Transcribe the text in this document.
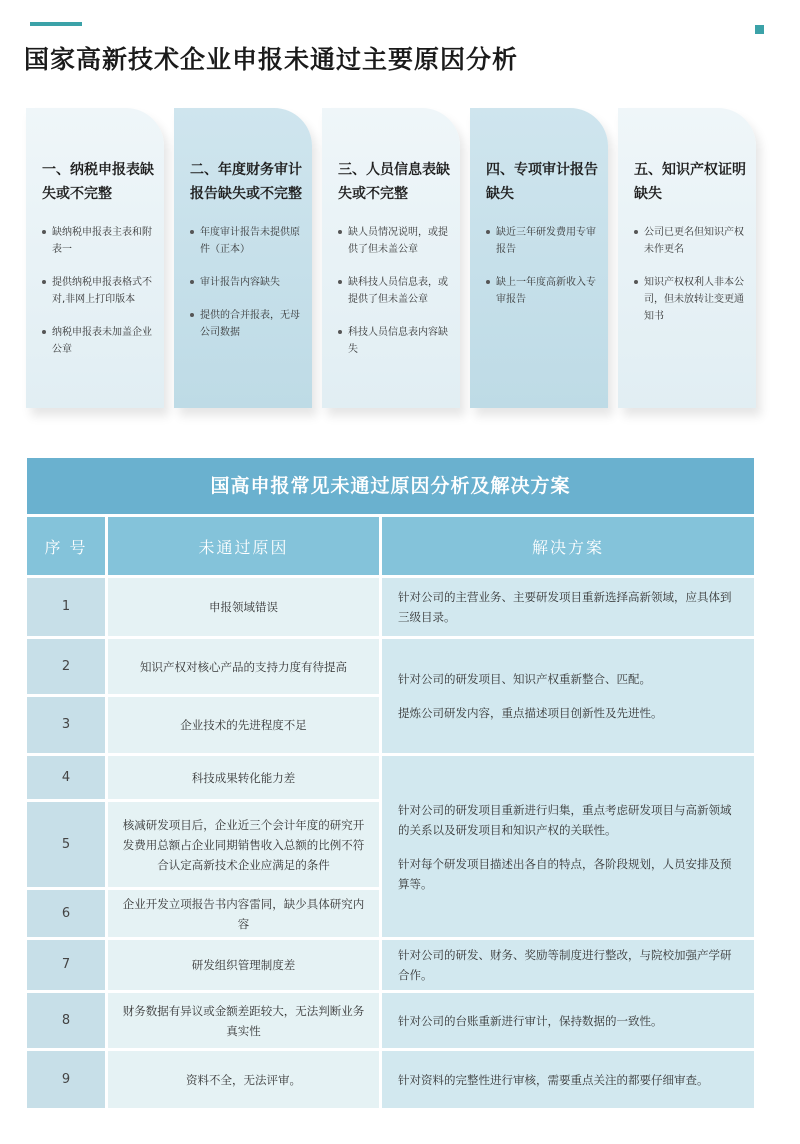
国家高新技术企业申报未通过主要原因分析
一、纳税申报表缺失或不完整
缺纳税申报表主表和附表一
提供纳税申报表格式不对,非网上打印版本
纳税申报表未加盖企业公章
二、年度财务审计报告缺失或不完整
年度审计报告未提供原件（正本）
审计报告内容缺失
提供的合并报表，无母公司数据
三、人员信息表缺失或不完整
缺人员情况说明，或提供了但未盖公章
缺科技人员信息表，或提供了但未盖公章
科技人员信息表内容缺失
四、专项审计报告缺失
缺近三年研发费用专审报告
缺上一年度高新收入专审报告
五、知识产权证明缺失
公司已更名但知识产权未作更名
知识产权权利人非本公司，但未放转让变更通知书
国高申报常见未通过原因分析及解决方案
序 号	未通过原因	解决方案
1
2
3
4
5
6
7
8
9
申报领域错误
知识产权对核心产品的支持力度有待提高
企业技术的先进程度不足
科技成果转化能力差
核减研发项目后，企业近三个会计年度的研究开发费用总额占企业同期销售收入总额的比例不符合认定高新技术企业应满足的条件
企业开发立项报告书内容雷同，缺少具体研究内容
研发组织管理制度差
财务数据有异议或金额差距较大，无法判断业务真实性
资料不全，无法评审。

针对公司的主营业务、主要研发项目重新选择高新领域，应具体到三级目录。

针对公司的研发项目、知识产权重新整合、匹配。

提炼公司研发内容，重点描述项目创新性及先进性。

针对公司的研发项目重新进行归集，重点考虑研发项目与高新领域的关系以及研发项目和知识产权的关联性。

针对每个研发项目描述出各自的特点，各阶段规划，人员安排及预算等。

针对公司的研发、财务、奖励等制度进行整改，与院校加强产学研合作。

针对公司的台账重新进行审计，保持数据的一致性。

针对资料的完整性进行审核，需要重点关注的都要仔细审查。
